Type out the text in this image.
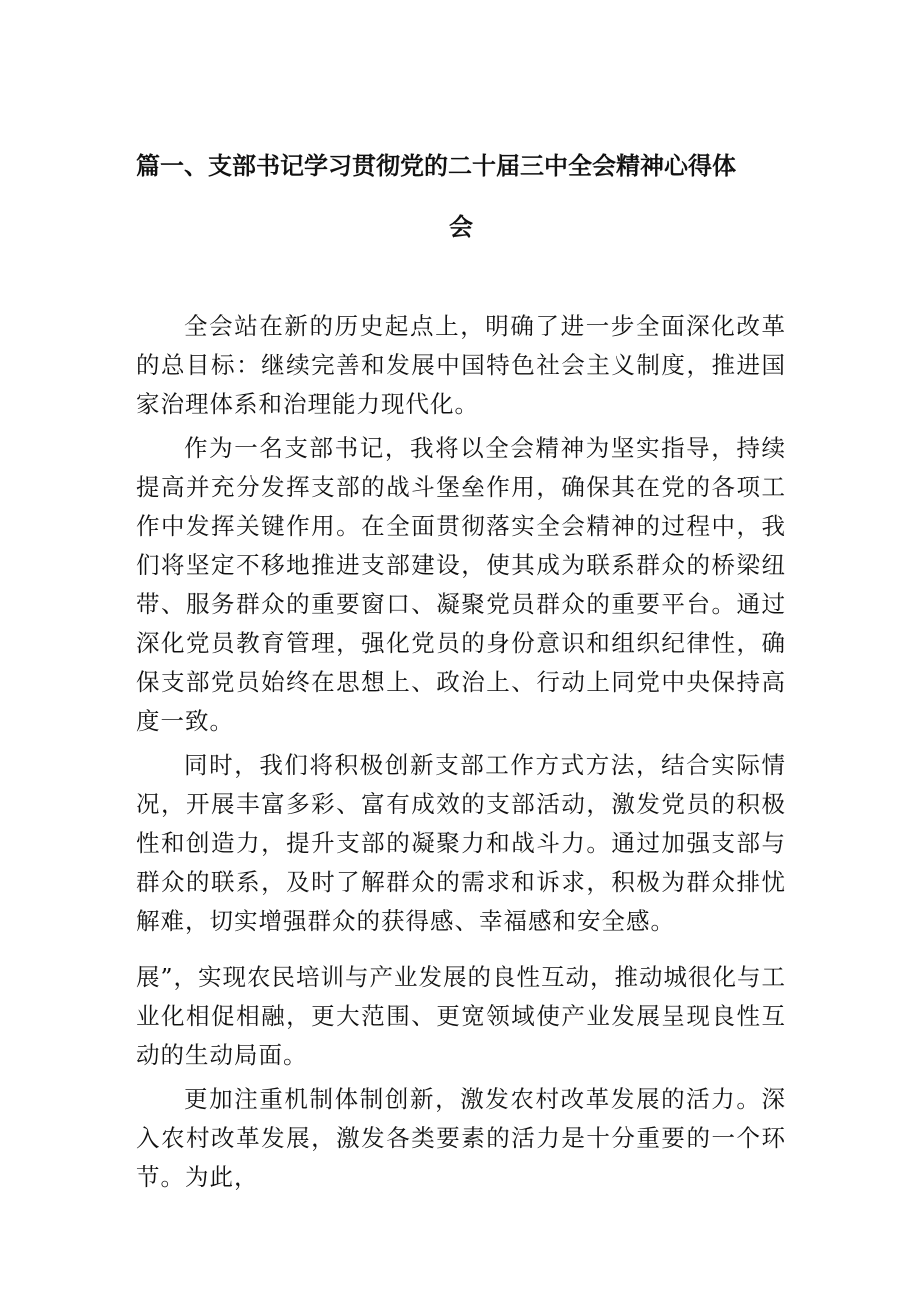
篇一、支部书记学习贯彻党的二十届三中全会精神心得体
会

全会站在新的历史起点上，明确了进一步全面深化改革的总目标：继续完善和发展中国特色社会主义制度，推进国家治理体系和治理能力现代化。

作为一名支部书记，我将以全会精神为坚实指导，持续提高并充分发挥支部的战斗堡垒作用，确保其在党的各项工作中发挥关键作用。在全面贯彻落实全会精神的过程中，我们将坚定不移地推进支部建设，使其成为联系群众的桥梁纽带、服务群众的重要窗口、凝聚党员群众的重要平台。通过深化党员教育管理，强化党员的身份意识和组织纪律性，确保支部党员始终在思想上、政治上、行动上同党中央保持高度一致。

同时，我们将积极创新支部工作方式方法，结合实际情况，开展丰富多彩、富有成效的支部活动，激发党员的积极性和创造力，提升支部的凝聚力和战斗力。通过加强支部与群众的联系，及时了解群众的需求和诉求，积极为群众排忧解难，切实增强群众的获得感、幸福感和安全感。

展”，实现农民培训与产业发展的良性互动，推动城很化与工业化相促相融，更大范围、更宽领域使产业发展呈现良性互动的生动局面。

更加注重机制体制创新，激发农村改革发展的活力。深入农村改革发展，激发各类要素的活力是十分重要的一个环节。为此，
